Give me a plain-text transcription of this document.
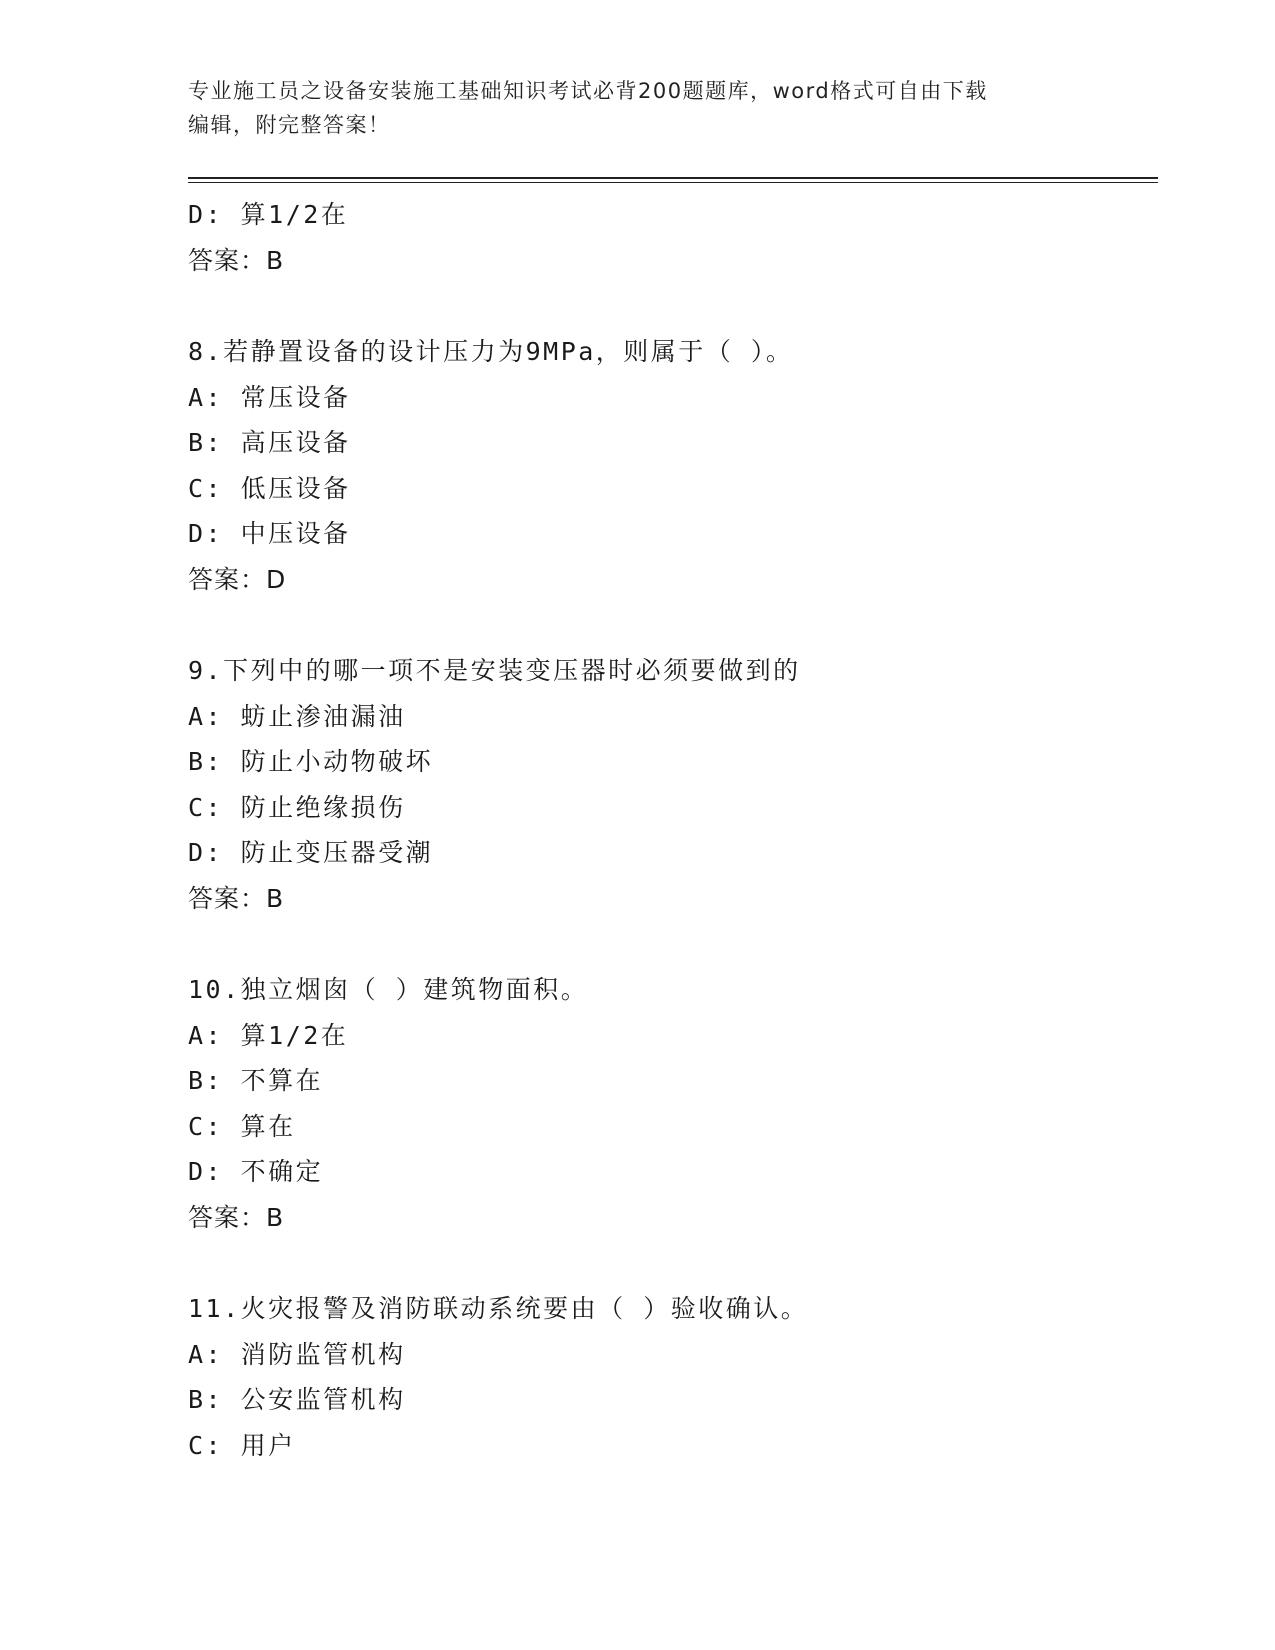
专业施工员之设备安装施工基础知识考试必背200题题库，word格式可自由下载
编辑，附完整答案！
D: 算1/2在
答案：B
8.若静置设备的设计压力为9MPa，则属于（ ）。
A: 常压设备
B: 高压设备
C: 低压设备
D: 中压设备
答案：D
9.下列中的哪一项不是安装变压器时必须要做到的
A: 蚄止渗油漏油
B: 防止小动物破坏
C: 防止绝缘损伤
D: 防止变压器受潮
答案：B
10.独立烟囱（ ）建筑物面积。
A: 算1/2在
B: 不算在
C: 算在
D: 不确定
答案：B
11.火灾报警及消防联动系统要由（ ）验收确认。
A: 消防监管机构
B: 公安监管机构
C: 用户
